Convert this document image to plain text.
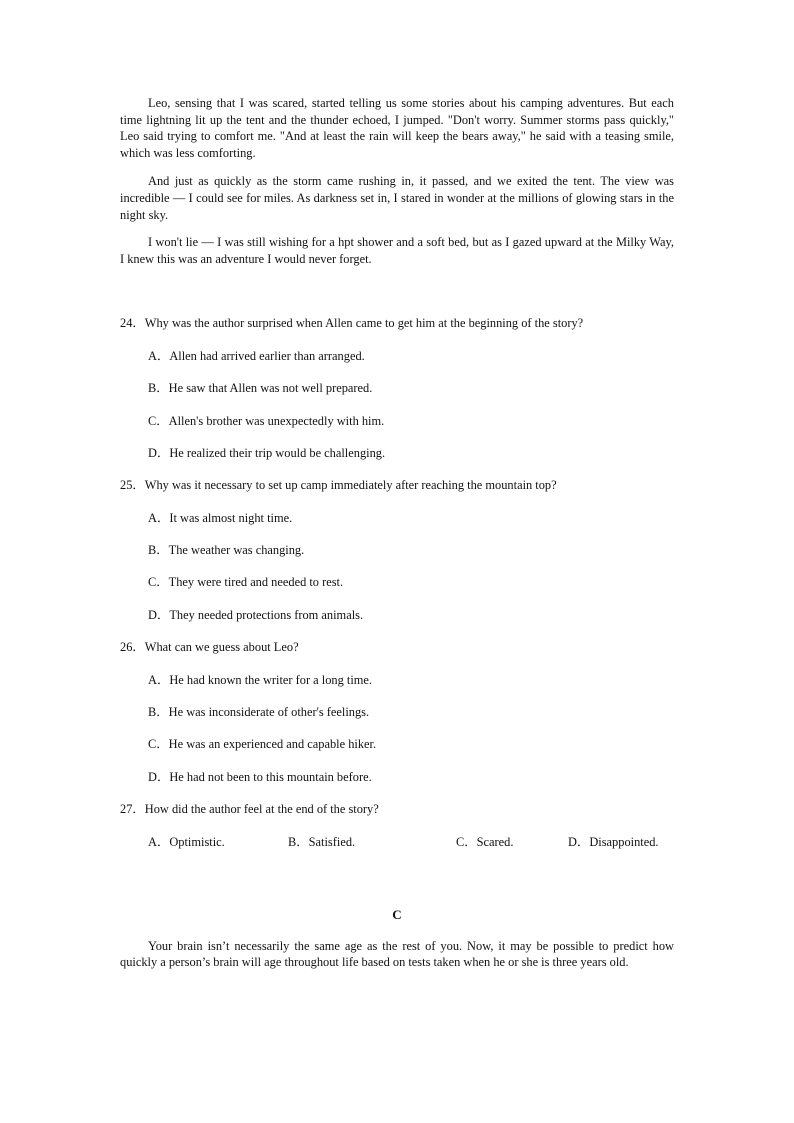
Leo, sensing that I was scared, started telling us some stories about his camping adventures. But each time lightning lit up the tent and the thunder echoed, I jumped. "Don't worry. Summer storms pass quickly," Leo said trying to comfort me. "And at least the rain will keep the bears away," he said with a teasing smile, which was less comforting.

And just as quickly as the storm came rushing in, it passed, and we exited the tent. The view was incredible — I could see for miles. As darkness set in, I stared in wonder at the millions of glowing stars in the night sky.

I won't lie — I was still wishing for a hpt shower and a soft bed, but as I gazed upward at the Milky Way, I knew this was an adventure I would never forget.

24．Why was the author surprised when Allen came to get him at the beginning of the story?

A．Allen had arrived earlier than arranged.
B．He saw that Allen was not well prepared.
C．Allen's brother was unexpectedly with him.
D．He realized their trip would be challenging.

25．Why was it necessary to set up camp immediately after reaching the mountain top?

A．It was almost night time.
B．The weather was changing.
C．They were tired and needed to rest.
D．They needed protections from animals.

26．What can we guess about Leo?

A．He had known the writer for a long time.
B．He was inconsiderate of other's feelings.
C．He was an experienced and capable hiker.
D．He had not been to this mountain before.

27．How did the author feel at the end of the story?

A．Optimistic.	B．Satisfied.	C．Scared.	D．Disappointed.
C

Your brain isn’t necessarily the same age as the rest of you. Now, it may be possible to predict how quickly a person’s brain will age throughout life based on tests taken when he or she is three years old.
